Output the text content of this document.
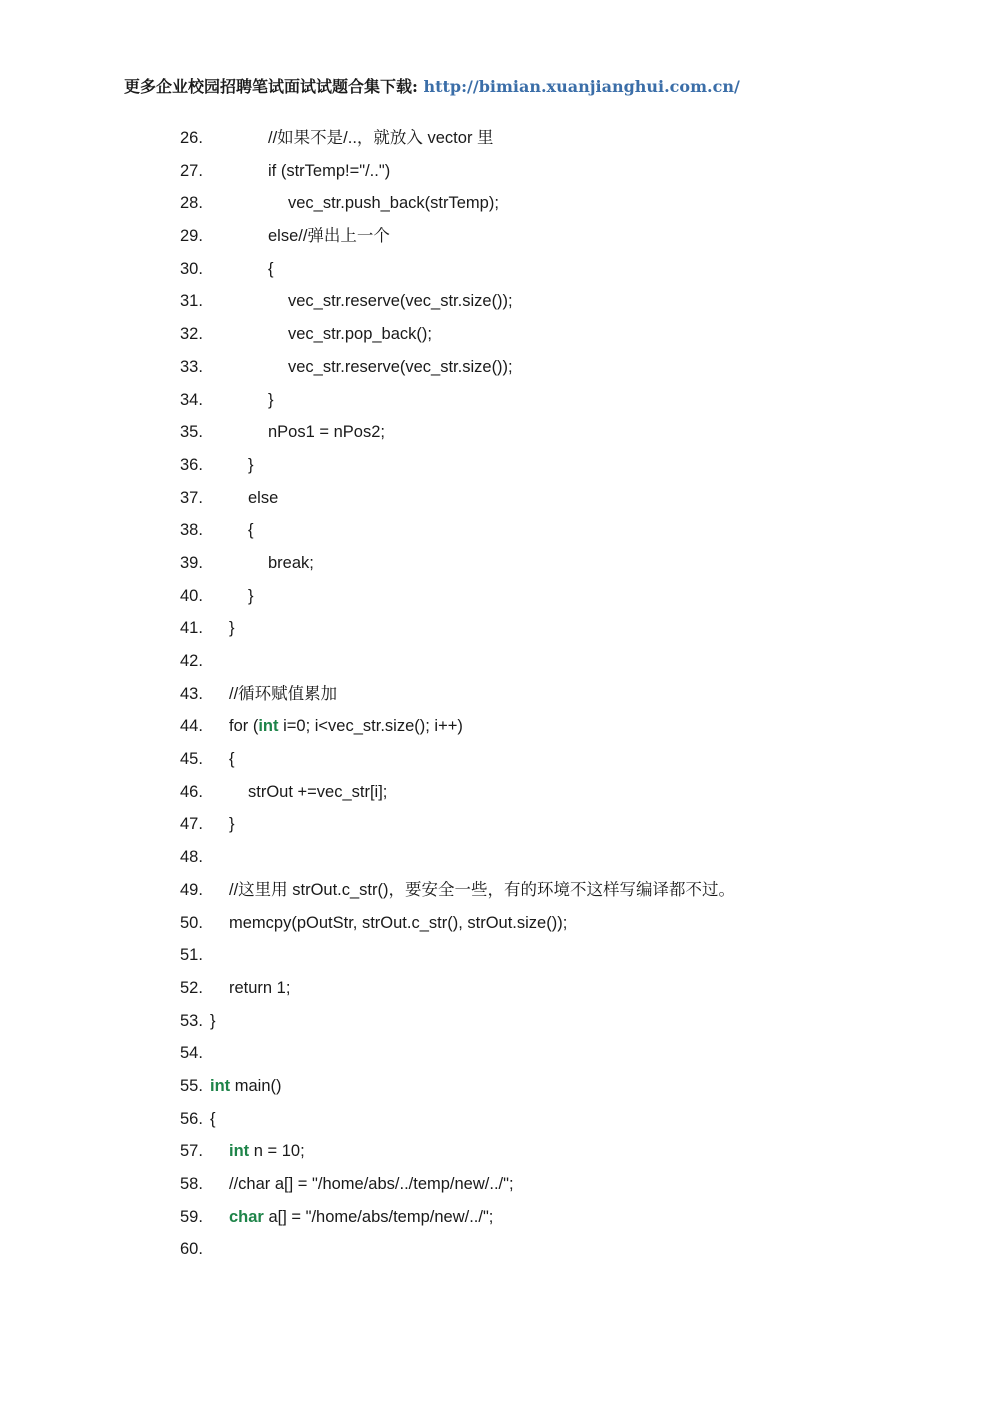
更多企业校园招聘笔试面试试题合集下载: http://bimian.xuanjianghui.com.cn/
26.	//如果不是/..，就放入 vector 里
27.	if (strTemp!="/..")
28.	vec_str.push_back(strTemp);
29.	else//弹出上一个
30.	{
31.	vec_str.reserve(vec_str.size());
32.	vec_str.pop_back();
33.	vec_str.reserve(vec_str.size());
34.	}
35.	nPos1 = nPos2;
36.	}
37.	else
38.	{
39.	break;
40.	}
41. }
42.
43. //循环赋值累加
44. for (int i=0; i<vec_str.size(); i++)
45. {
46.	strOut +=vec_str[i];
47. }
48.
49. //这里用 strOut.c_str()，要安全一些，有的环境不这样写编译都不过。
50. memcpy(pOutStr, strOut.c_str(), strOut.size());
51.
52. return 1;
53. }
54.
55. int main()
56. {
57. int n = 10;
58. //char a[] = "/home/abs/../temp/new/../";
59. char a[] = "/home/abs/temp/new/../";
60.
